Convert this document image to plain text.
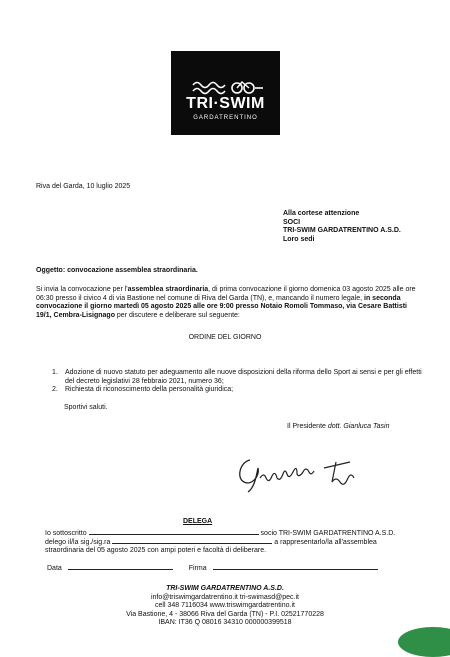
TRI·SWIM
GARDATRENTINO
Riva del Garda, 10 luglio 2025
Alla cortese attenzione
SOCI
TRI-SWIM GARDATRENTINO A.S.D.
Loro sedi
Oggetto: convocazione assemblea straordinaria.
Si invia la convocazione per l'assemblea straordinaria, di prima convocazione il giorno domenica 03 agosto 2025 alle ore 06:30 presso il civico 4 di via Bastione nel comune di Riva del Garda (TN), e, mancando il numero legale, in seconda convocazione il giorno martedì 05 agosto 2025 alle ore 9:00 presso Notaio Romoli Tommaso, via Cesare Battisti 19/1, Cembra-Lisignago per discutere e deliberare sul seguente:
ORDINE DEL GIORNO
1.	Adozione di nuovo statuto per adeguamento alle nuove disposizioni della riforma dello Sport ai sensi e per gli effetti del decreto legislativi 28 febbraio 2021, numero 36;
2.	Richiesta di riconoscimento della personalità giuridica;
Sportivi saluti.
Il Presidente dott. Gianluca Tasin
DELEGA
Io sottoscritto	socio TRI-SWIM GARDATRENTINO A.S.D.
delego il/la sig./sig.ra	a rappresentarlo/la all'assemblea
straordinaria del 05 agosto 2025 con ampi poteri e facoltà di deliberare.
Data	Firma
TRI-SWIM GARDATRENTINO A.S.D.
info@triswimgardatrentino.it tri-swimasd@pec.it
cell 348 7116034 www.triswimgardatrentino.it
Via Bastione, 4 - 38066 Riva del Garda (TN) - P.I. 02521770228
IBAN: IT36 Q 08016 34310 000000399518
